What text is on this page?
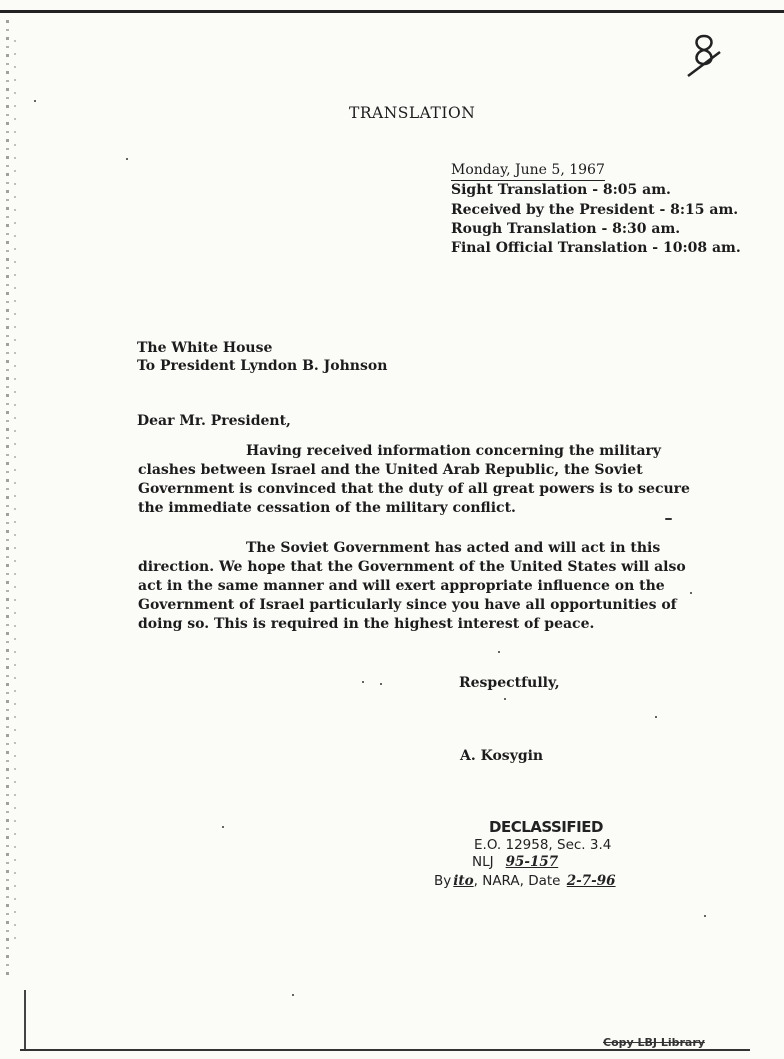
TRANSLATION
Monday, June 5, 1967
Sight Translation - 8:05 am.
Received by the President - 8:15 am.
Rough Translation - 8:30 am.
Final Official Translation - 10:08 am.
The White House
To President Lyndon B. Johnson
Dear Mr. President,

Having received information concerning the military clashes between Israel and the United Arab Republic, the Soviet Government is convinced that the duty of all great powers is to secure the immediate cessation of the military conflict.

The Soviet Government has acted and will act in this direction. We hope that the Government of the United States will also act in the same manner and will exert appropriate influence on the Government of Israel particularly since you have all opportunities of doing so. This is required in the highest interest of peace.

Respectfully,
A. Kosygin
DECLASSIFIED
E.O. 12958, Sec. 3.4
NLJ 95-157
By ito, NARA, Date 2-7-96
Copy LBJ Library
